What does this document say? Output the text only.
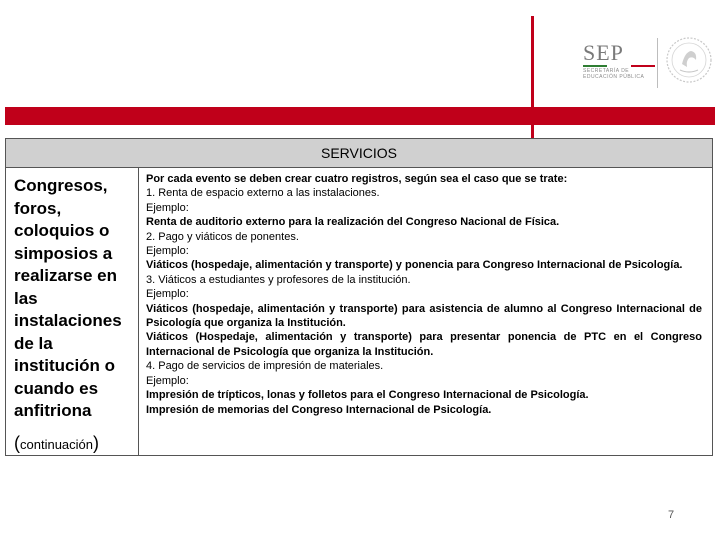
SEP
SECRETARÍA DE EDUCACIÓN PÚBLICA
SERVICIOS
Congresos, foros, coloquios o simposios a realizarse en las instalaciones de la institución o cuando es anfitriona
(continuación)
Por cada evento se deben crear cuatro registros, según sea el caso que se trate:
1. Renta de espacio externo a las instalaciones.
Ejemplo:
Renta de auditorio externo para la realización del Congreso Nacional de Física.
2. Pago y viáticos de ponentes.
Ejemplo:
Viáticos (hospedaje, alimentación y transporte) y ponencia para Congreso Internacional de Psicología.
3. Viáticos a estudiantes y profesores de la institución.
Ejemplo:
Viáticos (hospedaje, alimentación y transporte) para asistencia de alumno al Congreso Internacional de Psicología que organiza la Institución.
Viáticos (Hospedaje, alimentación y transporte) para presentar ponencia de PTC en el Congreso Internacional de Psicología que organiza la Institución.
4. Pago de servicios de impresión de materiales.
Ejemplo:
Impresión de trípticos, lonas y folletos para el Congreso Internacional de Psicología.
Impresión de memorias del Congreso Internacional de Psicología.
7
